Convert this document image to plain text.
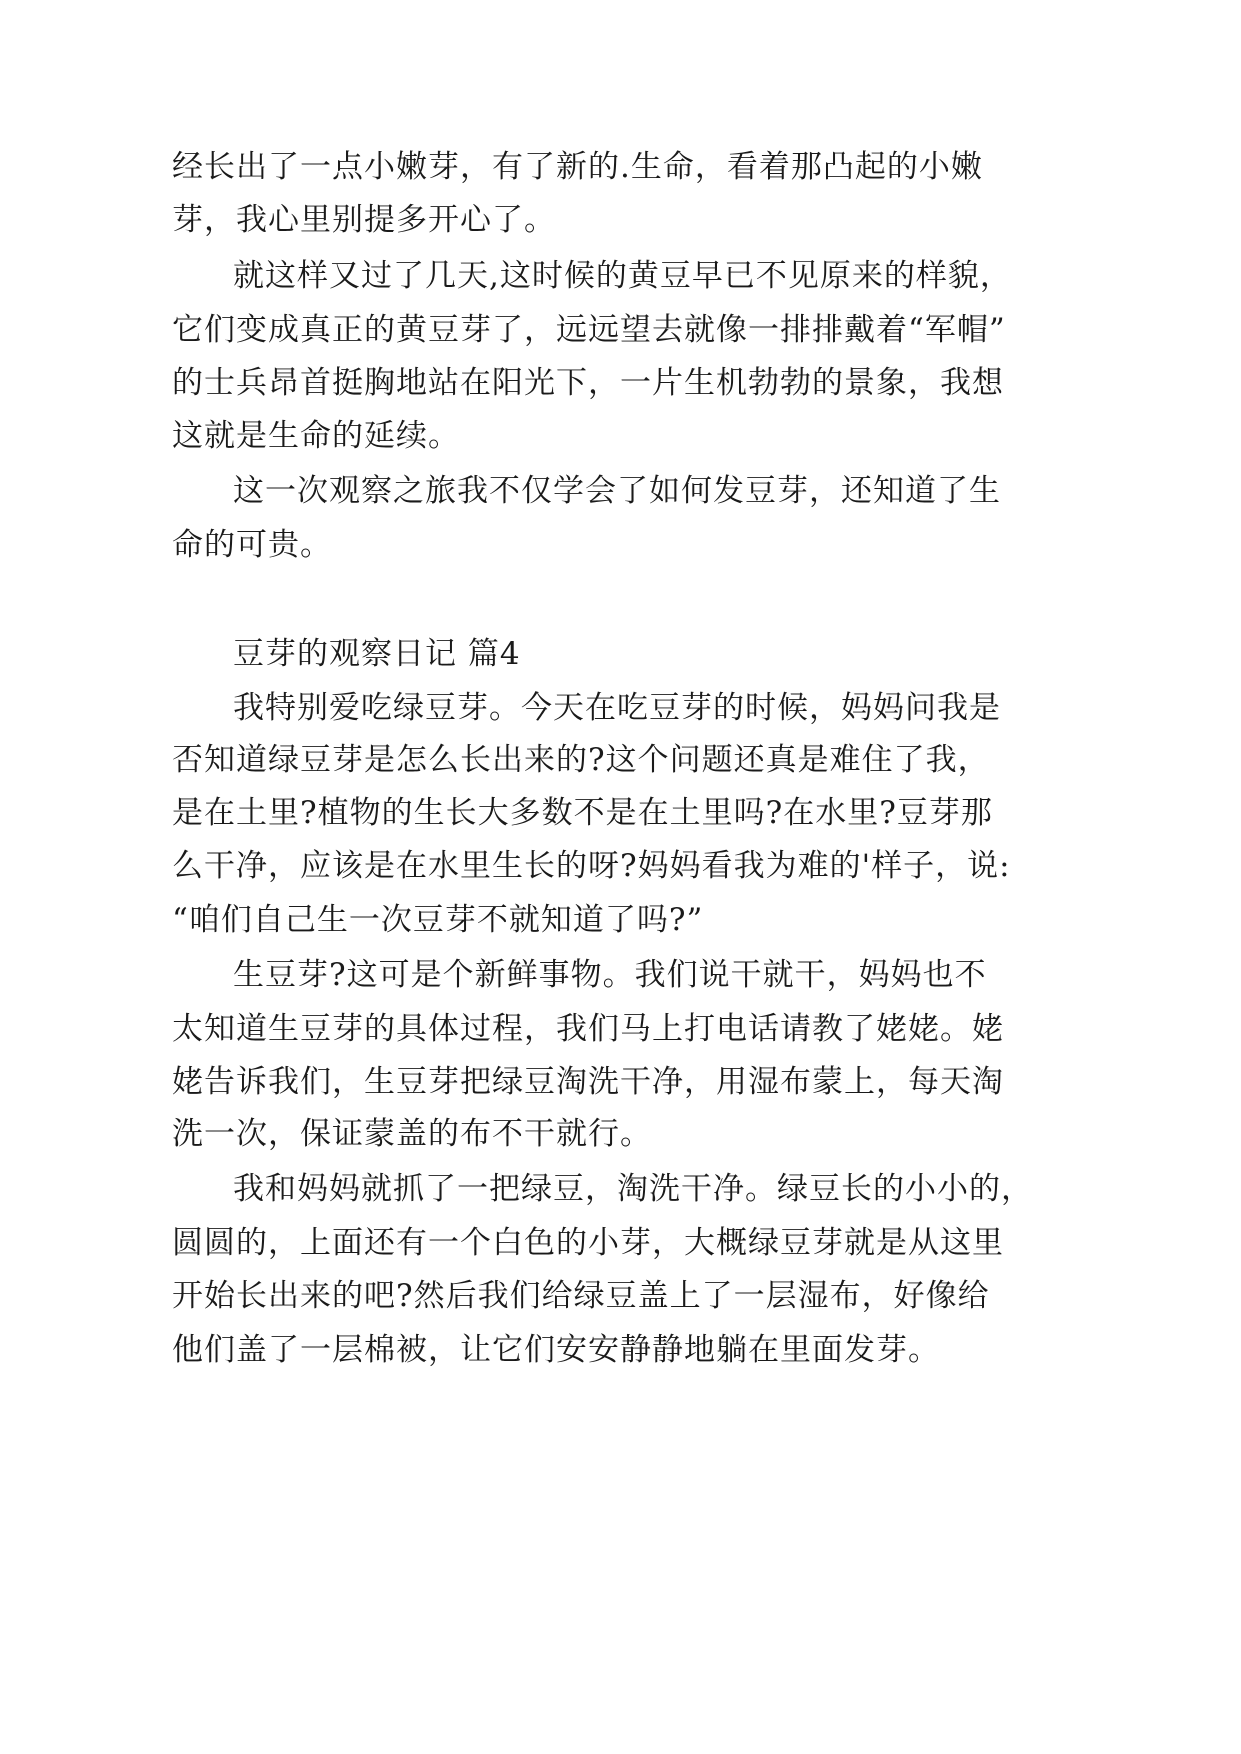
经长出了一点小嫩芽，有了新的.生命，看着那凸起的小嫩

芽，我心里别提多开心了。

就这样又过了几天,这时候的黄豆早已不见原来的样貌，

它们变成真正的黄豆芽了，远远望去就像一排排戴着“军帽”

的士兵昂首挺胸地站在阳光下，一片生机勃勃的景象，我想

这就是生命的延续。

这一次观察之旅我不仅学会了如何发豆芽，还知道了生

命的可贵。

豆芽的观察日记 篇4

我特别爱吃绿豆芽。今天在吃豆芽的时候，妈妈问我是

否知道绿豆芽是怎么长出来的?这个问题还真是难住了我，

是在土里?植物的生长大多数不是在土里吗?在水里?豆芽那

么干净，应该是在水里生长的呀?妈妈看我为难的'样子，说:

“咱们自己生一次豆芽不就知道了吗?”

生豆芽?这可是个新鲜事物。我们说干就干，妈妈也不

太知道生豆芽的具体过程，我们马上打电话请教了姥姥。姥

姥告诉我们，生豆芽把绿豆淘洗干净，用湿布蒙上，每天淘

洗一次，保证蒙盖的布不干就行。

我和妈妈就抓了一把绿豆，淘洗干净。绿豆长的小小的，

圆圆的，上面还有一个白色的小芽，大概绿豆芽就是从这里

开始长出来的吧?然后我们给绿豆盖上了一层湿布，好像给

他们盖了一层棉被，让它们安安静静地躺在里面发芽。
